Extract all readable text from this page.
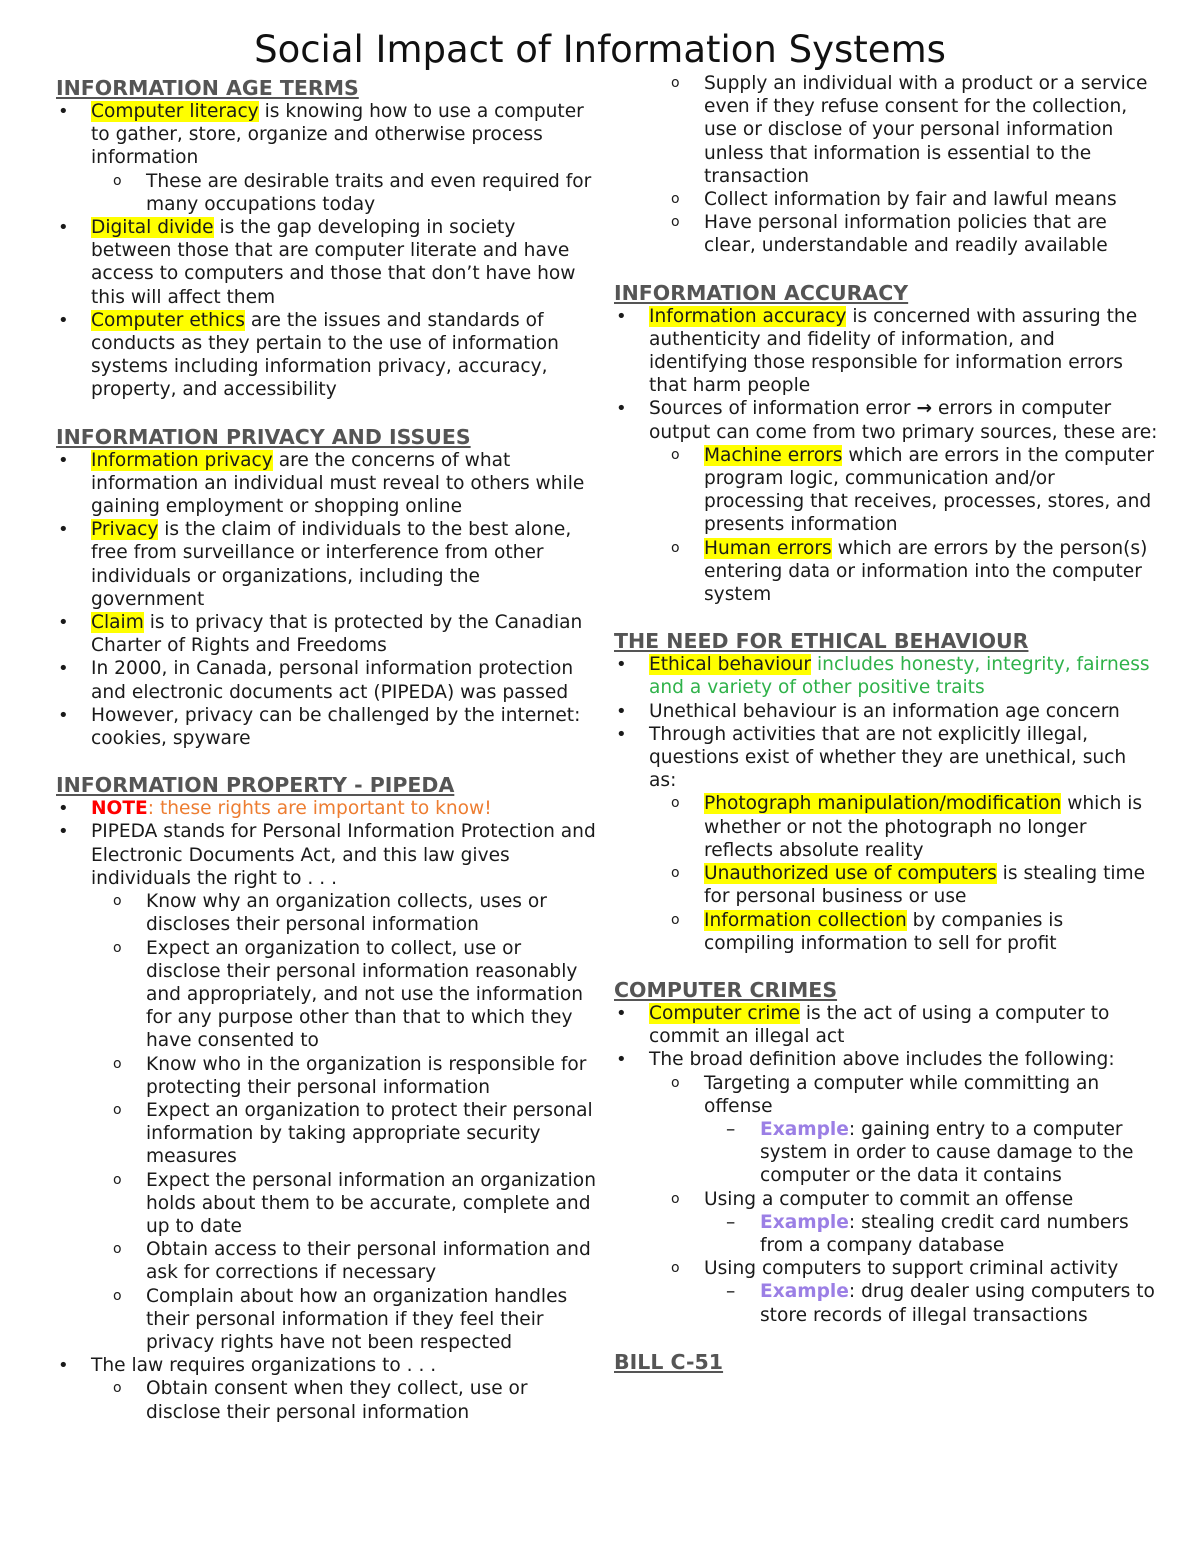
Social Impact of Information Systems
INFORMATION AGE TERMS
• Computer literacy is knowing how to use a computer to gather, store, organize and otherwise process information
o These are desirable traits and even required for many occupations today
• Digital divide is the gap developing in society between those that are computer literate and have access to computers and those that don’t have how this will affect them
• Computer ethics are the issues and standards of conducts as they pertain to the use of information systems including information privacy, accuracy, property, and accessibility
INFORMATION PRIVACY AND ISSUES
• Information privacy are the concerns of what information an individual must reveal to others while gaining employment or shopping online
• Privacy is the claim of individuals to the best alone, free from surveillance or interference from other individuals or organizations, including the government
• Claim is to privacy that is protected by the Canadian Charter of Rights and Freedoms
• In 2000, in Canada, personal information protection and electronic documents act (PIPEDA) was passed
• However, privacy can be challenged by the internet: cookies, spyware
INFORMATION PROPERTY - PIPEDA
• NOTE: these rights are important to know!
• PIPEDA stands for Personal Information Protection and Electronic Documents Act, and this law gives individuals the right to . . .
o Know why an organization collects, uses or discloses their personal information
o Expect an organization to collect, use or disclose their personal information reasonably and appropriately, and not use the information for any purpose other than that to which they have consented to
o Know who in the organization is responsible for protecting their personal information
o Expect an organization to protect their personal information by taking appropriate security measures
o Expect the personal information an organization holds about them to be accurate, complete and up to date
o Obtain access to their personal information and ask for corrections if necessary
o Complain about how an organization handles their personal information if they feel their privacy rights have not been respected
• The law requires organizations to . . .
o Obtain consent when they collect, use or disclose their personal information
o Supply an individual with a product or a service even if they refuse consent for the collection, use or disclose of your personal information unless that information is essential to the transaction
o Collect information by fair and lawful means
o Have personal information policies that are clear, understandable and readily available
INFORMATION ACCURACY
• Information accuracy is concerned with assuring the authenticity and fidelity of information, and identifying those responsible for information errors that harm people
• Sources of information error → errors in computer output can come from two primary sources, these are:
o Machine errors which are errors in the computer program logic, communication and/or processing that receives, processes, stores, and presents information
o Human errors which are errors by the person(s) entering data or information into the computer system
THE NEED FOR ETHICAL BEHAVIOUR
• Ethical behaviour includes honesty, integrity, fairness and a variety of other positive traits
• Unethical behaviour is an information age concern
• Through activities that are not explicitly illegal, questions exist of whether they are unethical, such as:
o Photograph manipulation/modification which is whether or not the photograph no longer reflects absolute reality
o Unauthorized use of computers is stealing time for personal business or use
o Information collection by companies is compiling information to sell for profit
COMPUTER CRIMES
• Computer crime is the act of using a computer to commit an illegal act
• The broad definition above includes the following:
o Targeting a computer while committing an offense
– Example: gaining entry to a computer system in order to cause damage to the computer or the data it contains
o Using a computer to commit an offense
– Example: stealing credit card numbers from a company database
o Using computers to support criminal activity
– Example: drug dealer using computers to store records of illegal transactions
BILL C-51
